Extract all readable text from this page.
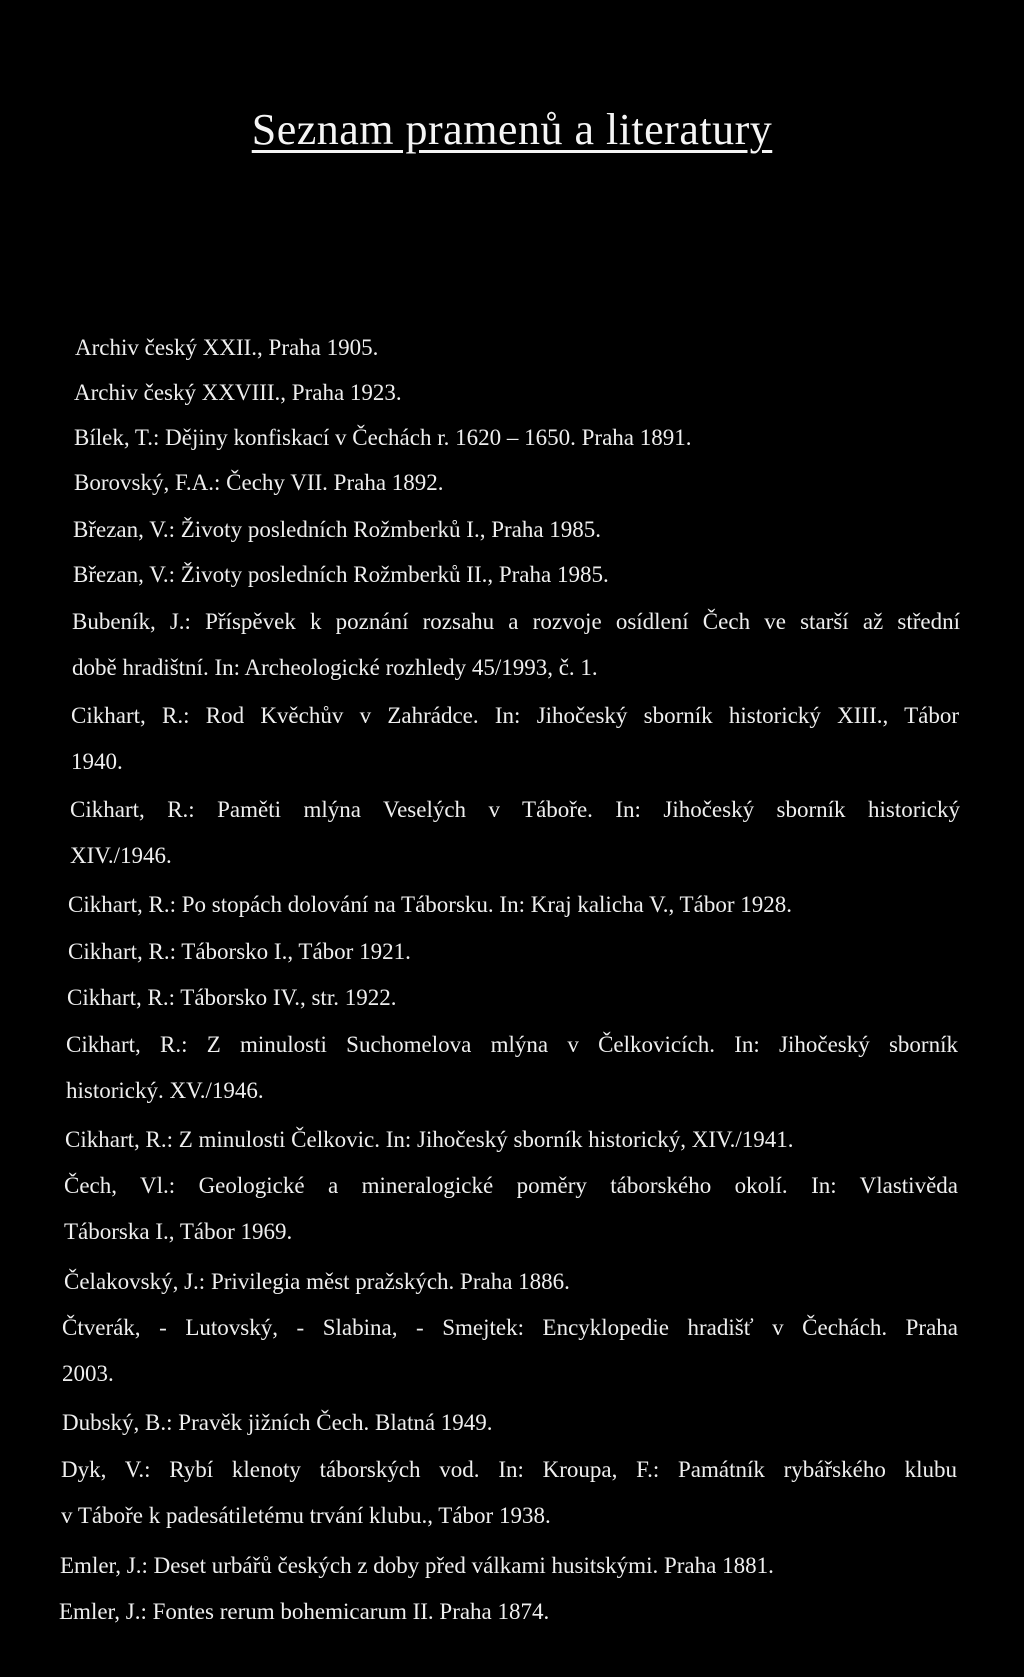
Seznam pramenů a literatury
Archiv český XXII., Praha 1905.
Archiv český XXVIII., Praha 1923.
Bílek, T.: Dějiny konfiskací v Čechách r. 1620 – 1650. Praha 1891.
Borovský, F.A.: Čechy VII. Praha 1892.
Březan, V.: Životy posledních Rožmberků I., Praha 1985.
Březan, V.: Životy posledních Rožmberků II., Praha 1985.
Bubeník, J.: Příspěvek k poznání rozsahu a rozvoje osídlení Čech ve starší až střední
době hradištní. In: Archeologické rozhledy 45/1993, č. 1.
Cikhart, R.: Rod Kvěchův v Zahrádce. In: Jihočeský sborník historický XIII., Tábor
1940.
Cikhart, R.: Paměti mlýna Veselých v Táboře. In: Jihočeský sborník historický
XIV./1946.
Cikhart, R.: Po stopách dolování na Táborsku. In: Kraj kalicha V., Tábor 1928.
Cikhart, R.: Táborsko I., Tábor 1921.
Cikhart, R.: Táborsko IV., str. 1922.
Cikhart, R.: Z minulosti Suchomelova mlýna v Čelkovicích. In: Jihočeský sborník
historický. XV./1946.
Cikhart, R.: Z minulosti Čelkovic. In: Jihočeský sborník historický, XIV./1941.
Čech, Vl.: Geologické a mineralogické poměry táborského okolí. In: Vlastivěda
Táborska I., Tábor 1969.
Čelakovský, J.: Privilegia měst pražských. Praha 1886.
Čtverák, - Lutovský, - Slabina, - Smejtek: Encyklopedie hradišť v Čechách. Praha
2003.
Dubský, B.: Pravěk jižních Čech. Blatná 1949.
Dyk, V.: Rybí klenoty táborských vod. In: Kroupa, F.: Památník rybářského klubu
v Táboře k padesátiletému trvání klubu., Tábor 1938.
Emler, J.: Deset urbářů českých z doby před válkami husitskými. Praha 1881.
Emler, J.: Fontes rerum bohemicarum II. Praha 1874.
